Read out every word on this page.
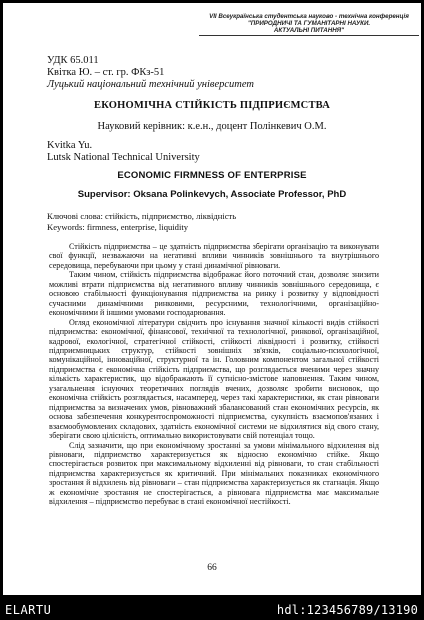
VII Всеукраїнська студентська науково - технічна конференція "ПРИРОДНИЧІ ТА ГУМАНІТАРНІ НАУКИ.
АКТУАЛЬНІ ПИТАННЯ"
УДК 65.011
Квітка Ю. – ст. гр. ФКз-51
Луцький національний технічний університет
ЕКОНОМІЧНА СТІЙКІСТЬ ПІДПРИЄМСТВА
Науковий керівник: к.е.н., доцент Полінкевич О.М.
Kvitka Yu.
Lutsk National Technical University
ECONOMIC FIRMNESS OF ENTERPRISE
Supervisor: Oksana Polinkevych, Associate Professor, PhD
Ключові слова: стійкість, підприємство, ліквідність
Keywords: firmness, enterprise, liquidity

Стійкість підприємства – це здатність підприємства зберігати організацію та виконувати свої функції, незважаючи на негативні впливи чинників зовнішнього та внутрішнього середовища, перебуваючи при цьому у стані динамічної рівноваги.

Таким чином, стійкість підприємства відображає його поточний стан, дозволяє знизити можливі втрати підприємства від негативного впливу чинників зовнішнього середовища, є основою стабільності функціонування підприємства на ринку і розвитку у відповідності сучасними динамічними ринковими, ресурсними, технологічними, організаційно-економічними й іншими умовами господарювання.

Огляд економічної літератури свідчить про існування значної кількості видів стійкості підприємства: економічної, фінансової, технічної та технологічної, ринкової, організаційної, кадрової, екологічної, стратегічної стійкості, стійкості ліквідності і розвитку, стійкості підприємницьких структур, стійкості зовнішніх зв'язків, соціально-психологічної, комунікаційної, інноваційної, структурної та ін. Головним компонентом загальної стійкості підприємства є економічна стійкість підприємства, що розглядається вченими через значну кількість характеристик, що відображають її сутнісно-змістове наповнення. Таким чином, узагальнення існуючих теоретичних поглядів вчених, дозволяє зробити висновок, що економічна стійкість розглядається, насамперед, через такі характеристики, як стан рівноваги підприємства за визначених умов, рівноважний збалансований стан економічних ресурсів, як основа забезпечення конкурентоспроможності підприємства, сукупність взаємопов'язаних і взаємообумовлених складових, здатність економічної системи не відхилятися від свого стану, зберігати свою цілісність, оптимально використовувати свій потенціал тощо.

Слід зазначити, що при економічному зростанні за умови мінімального відхилення від рівноваги, підприємство характеризується як відносно економічно стійке. Якщо спостерігається розвиток при максимальному відхиленні від рівноваги, то стан стабільності підприємства характеризується як критичний. При мінімальних показниках економічного зростання й відхилень від рівноваги – стан підприємства характеризується як стагнація. Якщо ж економічне зростання не спостерігається, а рівновага підприємства має максимальне відхилення – підприємство перебуває в стані економічної нестійкості.

66
ELARTU	hdl:123456789/13190
